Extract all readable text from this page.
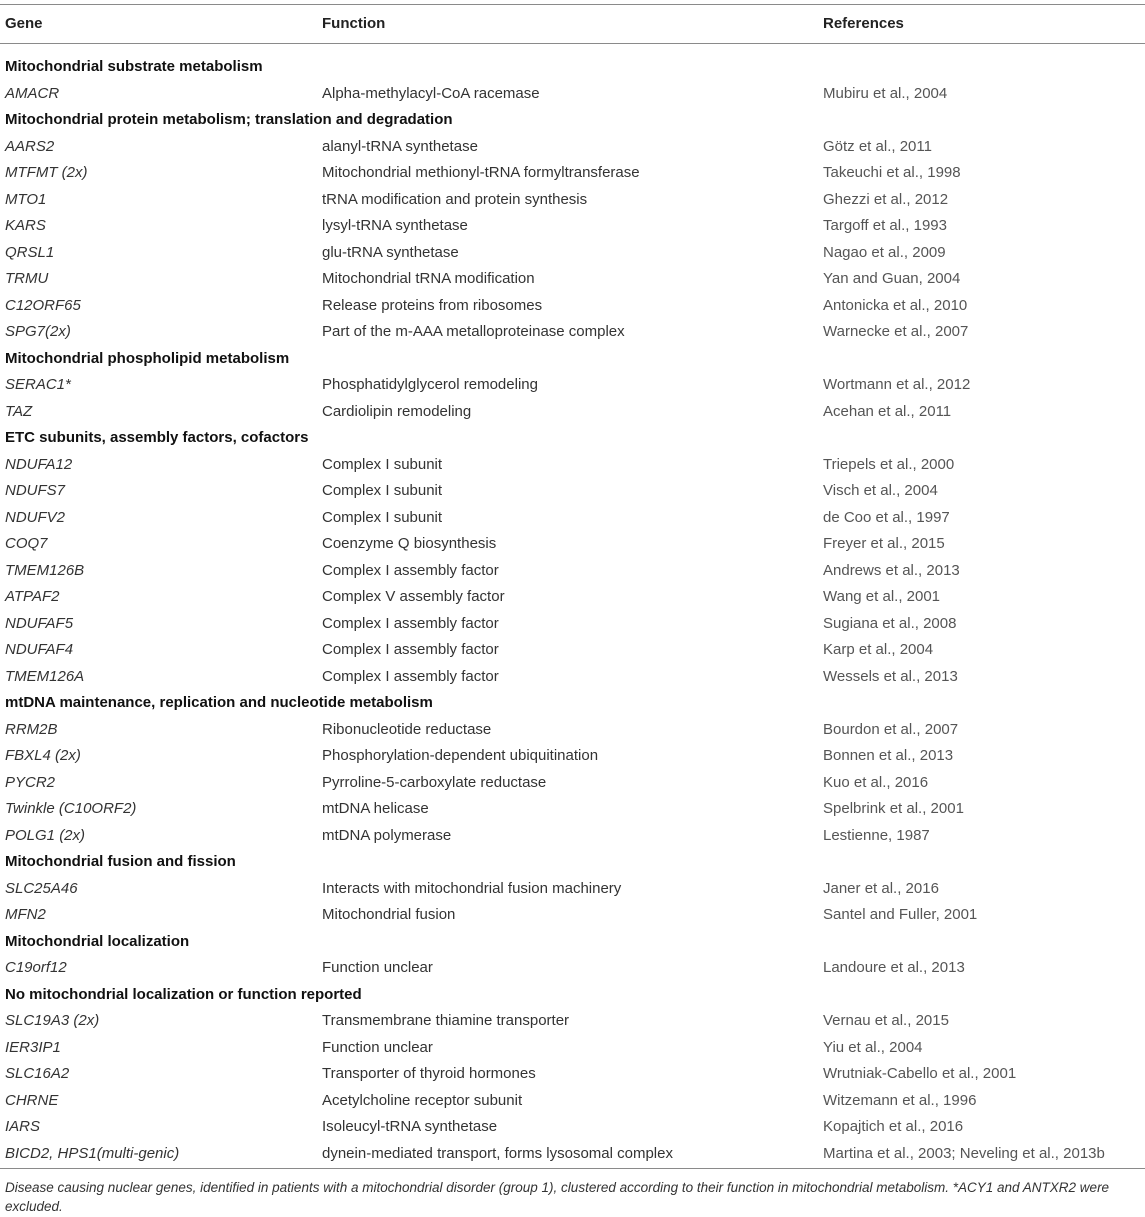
Gene	Function	References
Mitochondrial substrate metabolism
AMACR	Alpha-methylacyl-CoA racemase	Mubiru et al., 2004
Mitochondrial protein metabolism; translation and degradation
AARS2	alanyl-tRNA synthetase	Götz et al., 2011
MTFMT (2x)	Mitochondrial methionyl-tRNA formyltransferase	Takeuchi et al., 1998
MTO1	tRNA modification and protein synthesis	Ghezzi et al., 2012
KARS	lysyl-tRNA synthetase	Targoff et al., 1993
QRSL1	glu-tRNA synthetase	Nagao et al., 2009
TRMU	Mitochondrial tRNA modification	Yan and Guan, 2004
C12ORF65	Release proteins from ribosomes	Antonicka et al., 2010
SPG7(2x)	Part of the m-AAA metalloproteinase complex	Warnecke et al., 2007
Mitochondrial phospholipid metabolism
SERAC1*	Phosphatidylglycerol remodeling	Wortmann et al., 2012
TAZ	Cardiolipin remodeling	Acehan et al., 2011
ETC subunits, assembly factors, cofactors
NDUFA12	Complex I subunit	Triepels et al., 2000
NDUFS7	Complex I subunit	Visch et al., 2004
NDUFV2	Complex I subunit	de Coo et al., 1997
COQ7	Coenzyme Q biosynthesis	Freyer et al., 2015
TMEM126B	Complex I assembly factor	Andrews et al., 2013
ATPAF2	Complex V assembly factor	Wang et al., 2001
NDUFAF5	Complex I assembly factor	Sugiana et al., 2008
NDUFAF4	Complex I assembly factor	Karp et al., 2004
TMEM126A	Complex I assembly factor	Wessels et al., 2013
mtDNA maintenance, replication and nucleotide metabolism
RRM2B	Ribonucleotide reductase	Bourdon et al., 2007
FBXL4 (2x)	Phosphorylation-dependent ubiquitination	Bonnen et al., 2013
PYCR2	Pyrroline-5-carboxylate reductase	Kuo et al., 2016
Twinkle (C10ORF2)	mtDNA helicase	Spelbrink et al., 2001
POLG1 (2x)	mtDNA polymerase	Lestienne, 1987
Mitochondrial fusion and fission
SLC25A46	Interacts with mitochondrial fusion machinery	Janer et al., 2016
MFN2	Mitochondrial fusion	Santel and Fuller, 2001
Mitochondrial localization
C19orf12	Function unclear	Landoure et al., 2013
No mitochondrial localization or function reported
SLC19A3 (2x)	Transmembrane thiamine transporter	Vernau et al., 2015
IER3IP1	Function unclear	Yiu et al., 2004
SLC16A2	Transporter of thyroid hormones	Wrutniak-Cabello et al., 2001
CHRNE	Acetylcholine receptor subunit	Witzemann et al., 1996
IARS	Isoleucyl-tRNA synthetase	Kopajtich et al., 2016
BICD2, HPS1(multi-genic)	dynein-mediated transport, forms lysosomal complex	Martina et al., 2003; Neveling et al., 2013b
Disease causing nuclear genes, identified in patients with a mitochondrial disorder (group 1), clustered according to their function in mitochondrial metabolism. *ACY1 and ANTXR2 were excluded.
